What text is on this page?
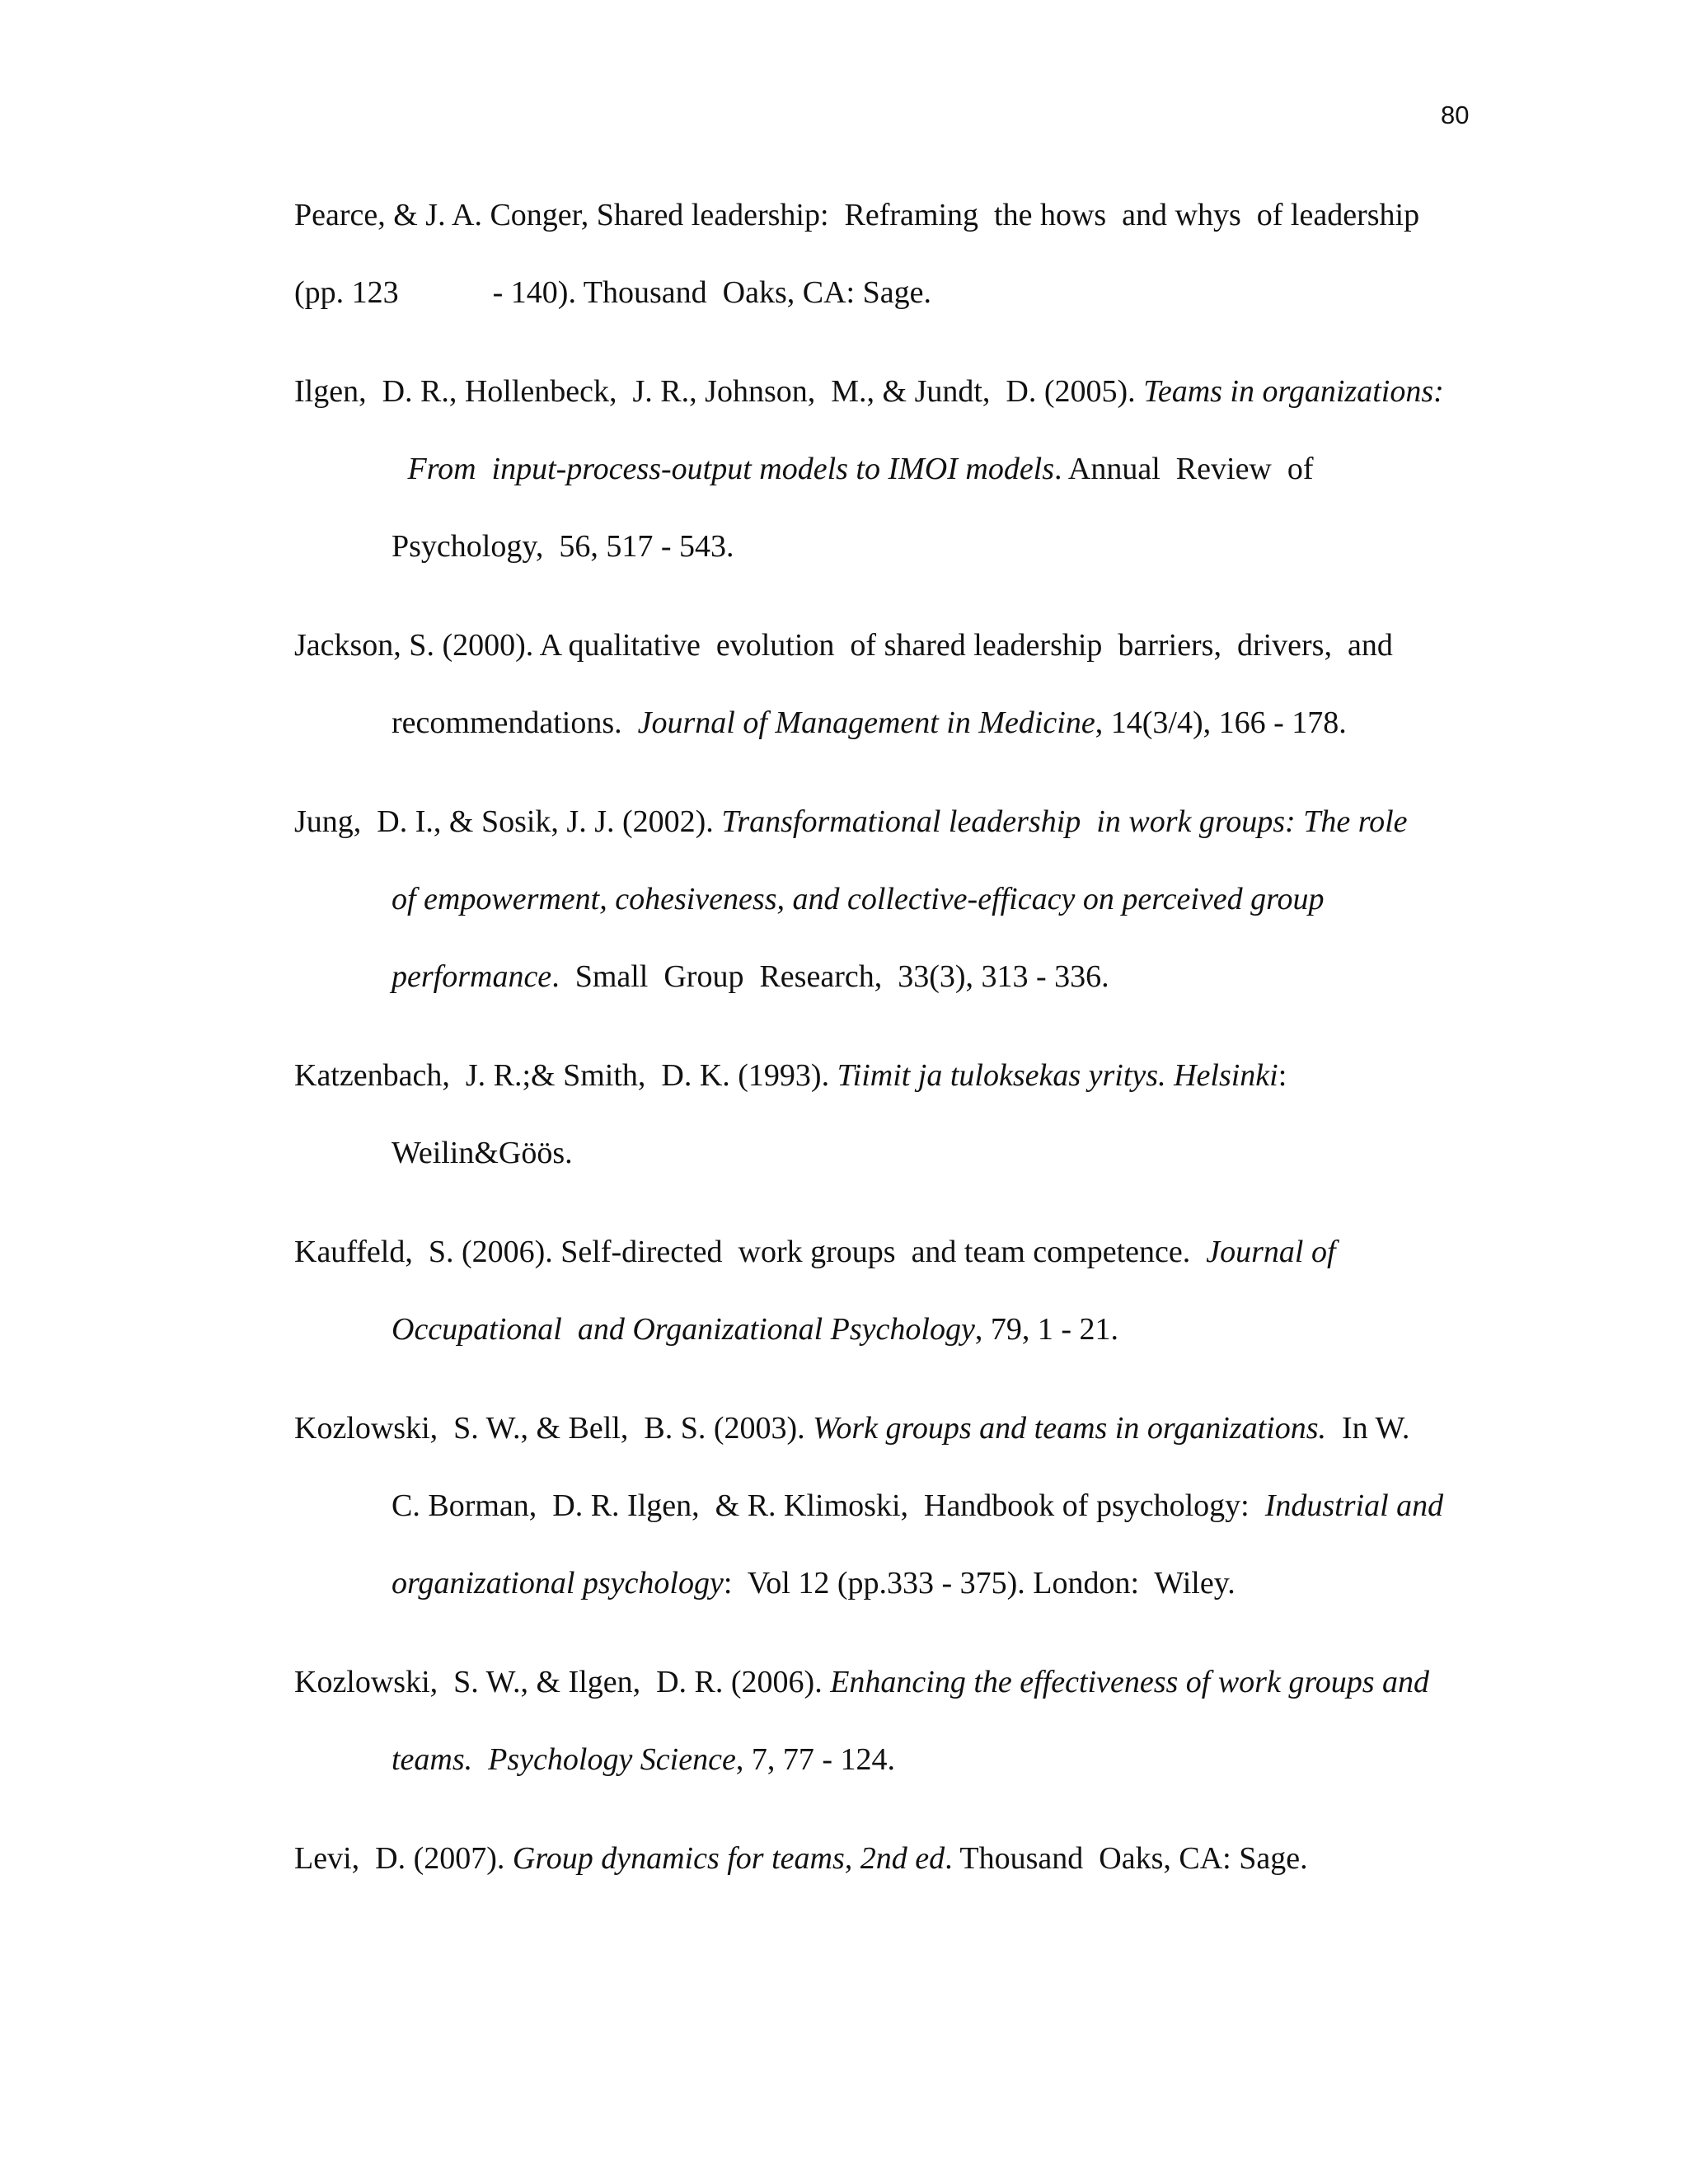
80
Pearce, & J. A. Conger, Shared leadership:  Reframing  the hows  and whys  of leadership
(pp. 123            - 140). Thousand  Oaks, CA: Sage.
Ilgen,  D. R., Hollenbeck,  J. R., Johnson,  M., & Jundt,  D. (2005). Teams in organizations:
From  input-process-output models to IMOI models. Annual  Review  of
Psychology,  56, 517 - 543.
Jackson, S. (2000). A qualitative  evolution  of shared leadership  barriers,  drivers,  and
recommendations.  Journal of Management in Medicine, 14(3/4), 166 - 178.
Jung,  D. I., & Sosik, J. J. (2002). Transformational leadership  in work groups: The role
of empowerment, cohesiveness, and collective-efficacy on perceived group
performance.  Small  Group  Research,  33(3), 313 - 336.
Katzenbach,  J. R.;& Smith,  D. K. (1993). Tiimit ja tuloksekas yritys. Helsinki:
Weilin&Göös.
Kauffeld,  S. (2006). Self-directed  work groups  and team competence.  Journal of
Occupational  and Organizational Psychology, 79, 1 - 21.
Kozlowski,  S. W., & Bell,  B. S. (2003). Work groups and teams in organizations.  In W.
C. Borman,  D. R. Ilgen,  & R. Klimoski,  Handbook of psychology:  Industrial and
organizational psychology:  Vol 12 (pp.333 - 375). London:  Wiley.
Kozlowski,  S. W., & Ilgen,  D. R. (2006). Enhancing the effectiveness of work groups and
teams.  Psychology Science, 7, 77 - 124.
Levi,  D. (2007). Group dynamics for teams, 2nd ed. Thousand  Oaks, CA: Sage.
